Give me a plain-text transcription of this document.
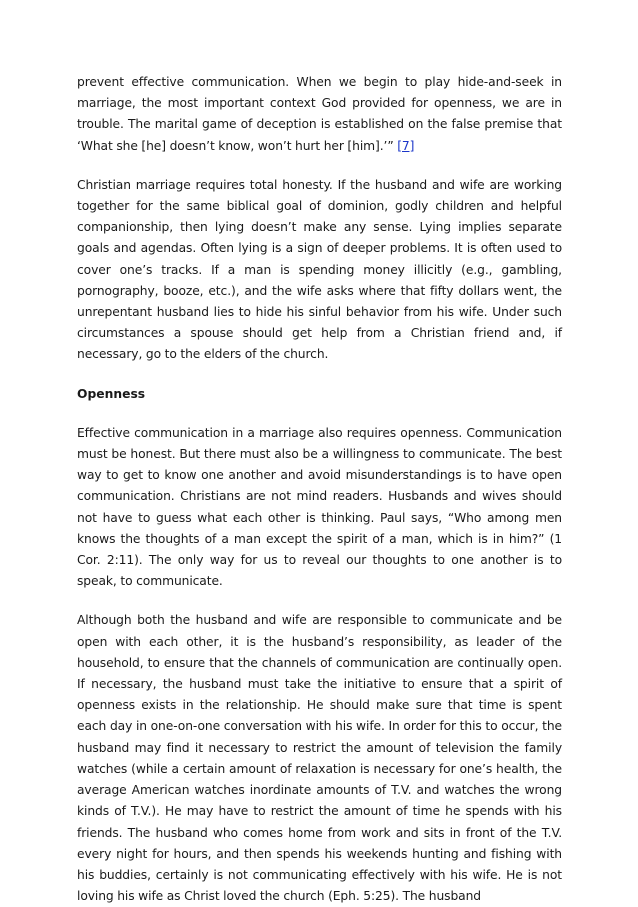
prevent effective communication. When we begin to play hide-and-seek in marriage, the most important context God provided for openness, we are in trouble. The marital game of deception is established on the false premise that ‘What she [he] doesn’t know, won’t hurt her [him].’” [7]

Christian marriage requires total honesty. If the husband and wife are working together for the same biblical goal of dominion, godly children and helpful companionship, then lying doesn’t make any sense. Lying implies separate goals and agendas. Often lying is a sign of deeper problems. It is often used to cover one’s tracks. If a man is spending money illicitly (e.g., gambling, pornography, booze, etc.), and the wife asks where that fifty dollars went, the unrepentant husband lies to hide his sinful behavior from his wife. Under such circumstances a spouse should get help from a Christian friend and, if necessary, go to the elders of the church.

Openness

Effective communication in a marriage also requires openness. Communication must be honest. But there must also be a willingness to communicate. The best way to get to know one another and avoid misunderstandings is to have open communication. Christians are not mind readers. Husbands and wives should not have to guess what each other is thinking. Paul says, “Who among men knows the thoughts of a man except the spirit of a man, which is in him?” (1 Cor. 2:11). The only way for us to reveal our thoughts to one another is to speak, to communicate.

Although both the husband and wife are responsible to communicate and be open with each other, it is the husband’s responsibility, as leader of the household, to ensure that the channels of communication are continually open. If necessary, the husband must take the initiative to ensure that a spirit of openness exists in the relationship. He should make sure that time is spent each day in one-on-one conversation with his wife. In order for this to occur, the husband may find it necessary to restrict the amount of television the family watches (while a certain amount of relaxation is necessary for one’s health, the average American watches inordinate amounts of T.V. and watches the wrong kinds of T.V.). He may have to restrict the amount of time he spends with his friends. The husband who comes home from work and sits in front of the T.V. every night for hours, and then spends his weekends hunting and fishing with his buddies, certainly is not communicating effectively with his wife. He is not loving his wife as Christ loved the church (Eph. 5:25). The husband
